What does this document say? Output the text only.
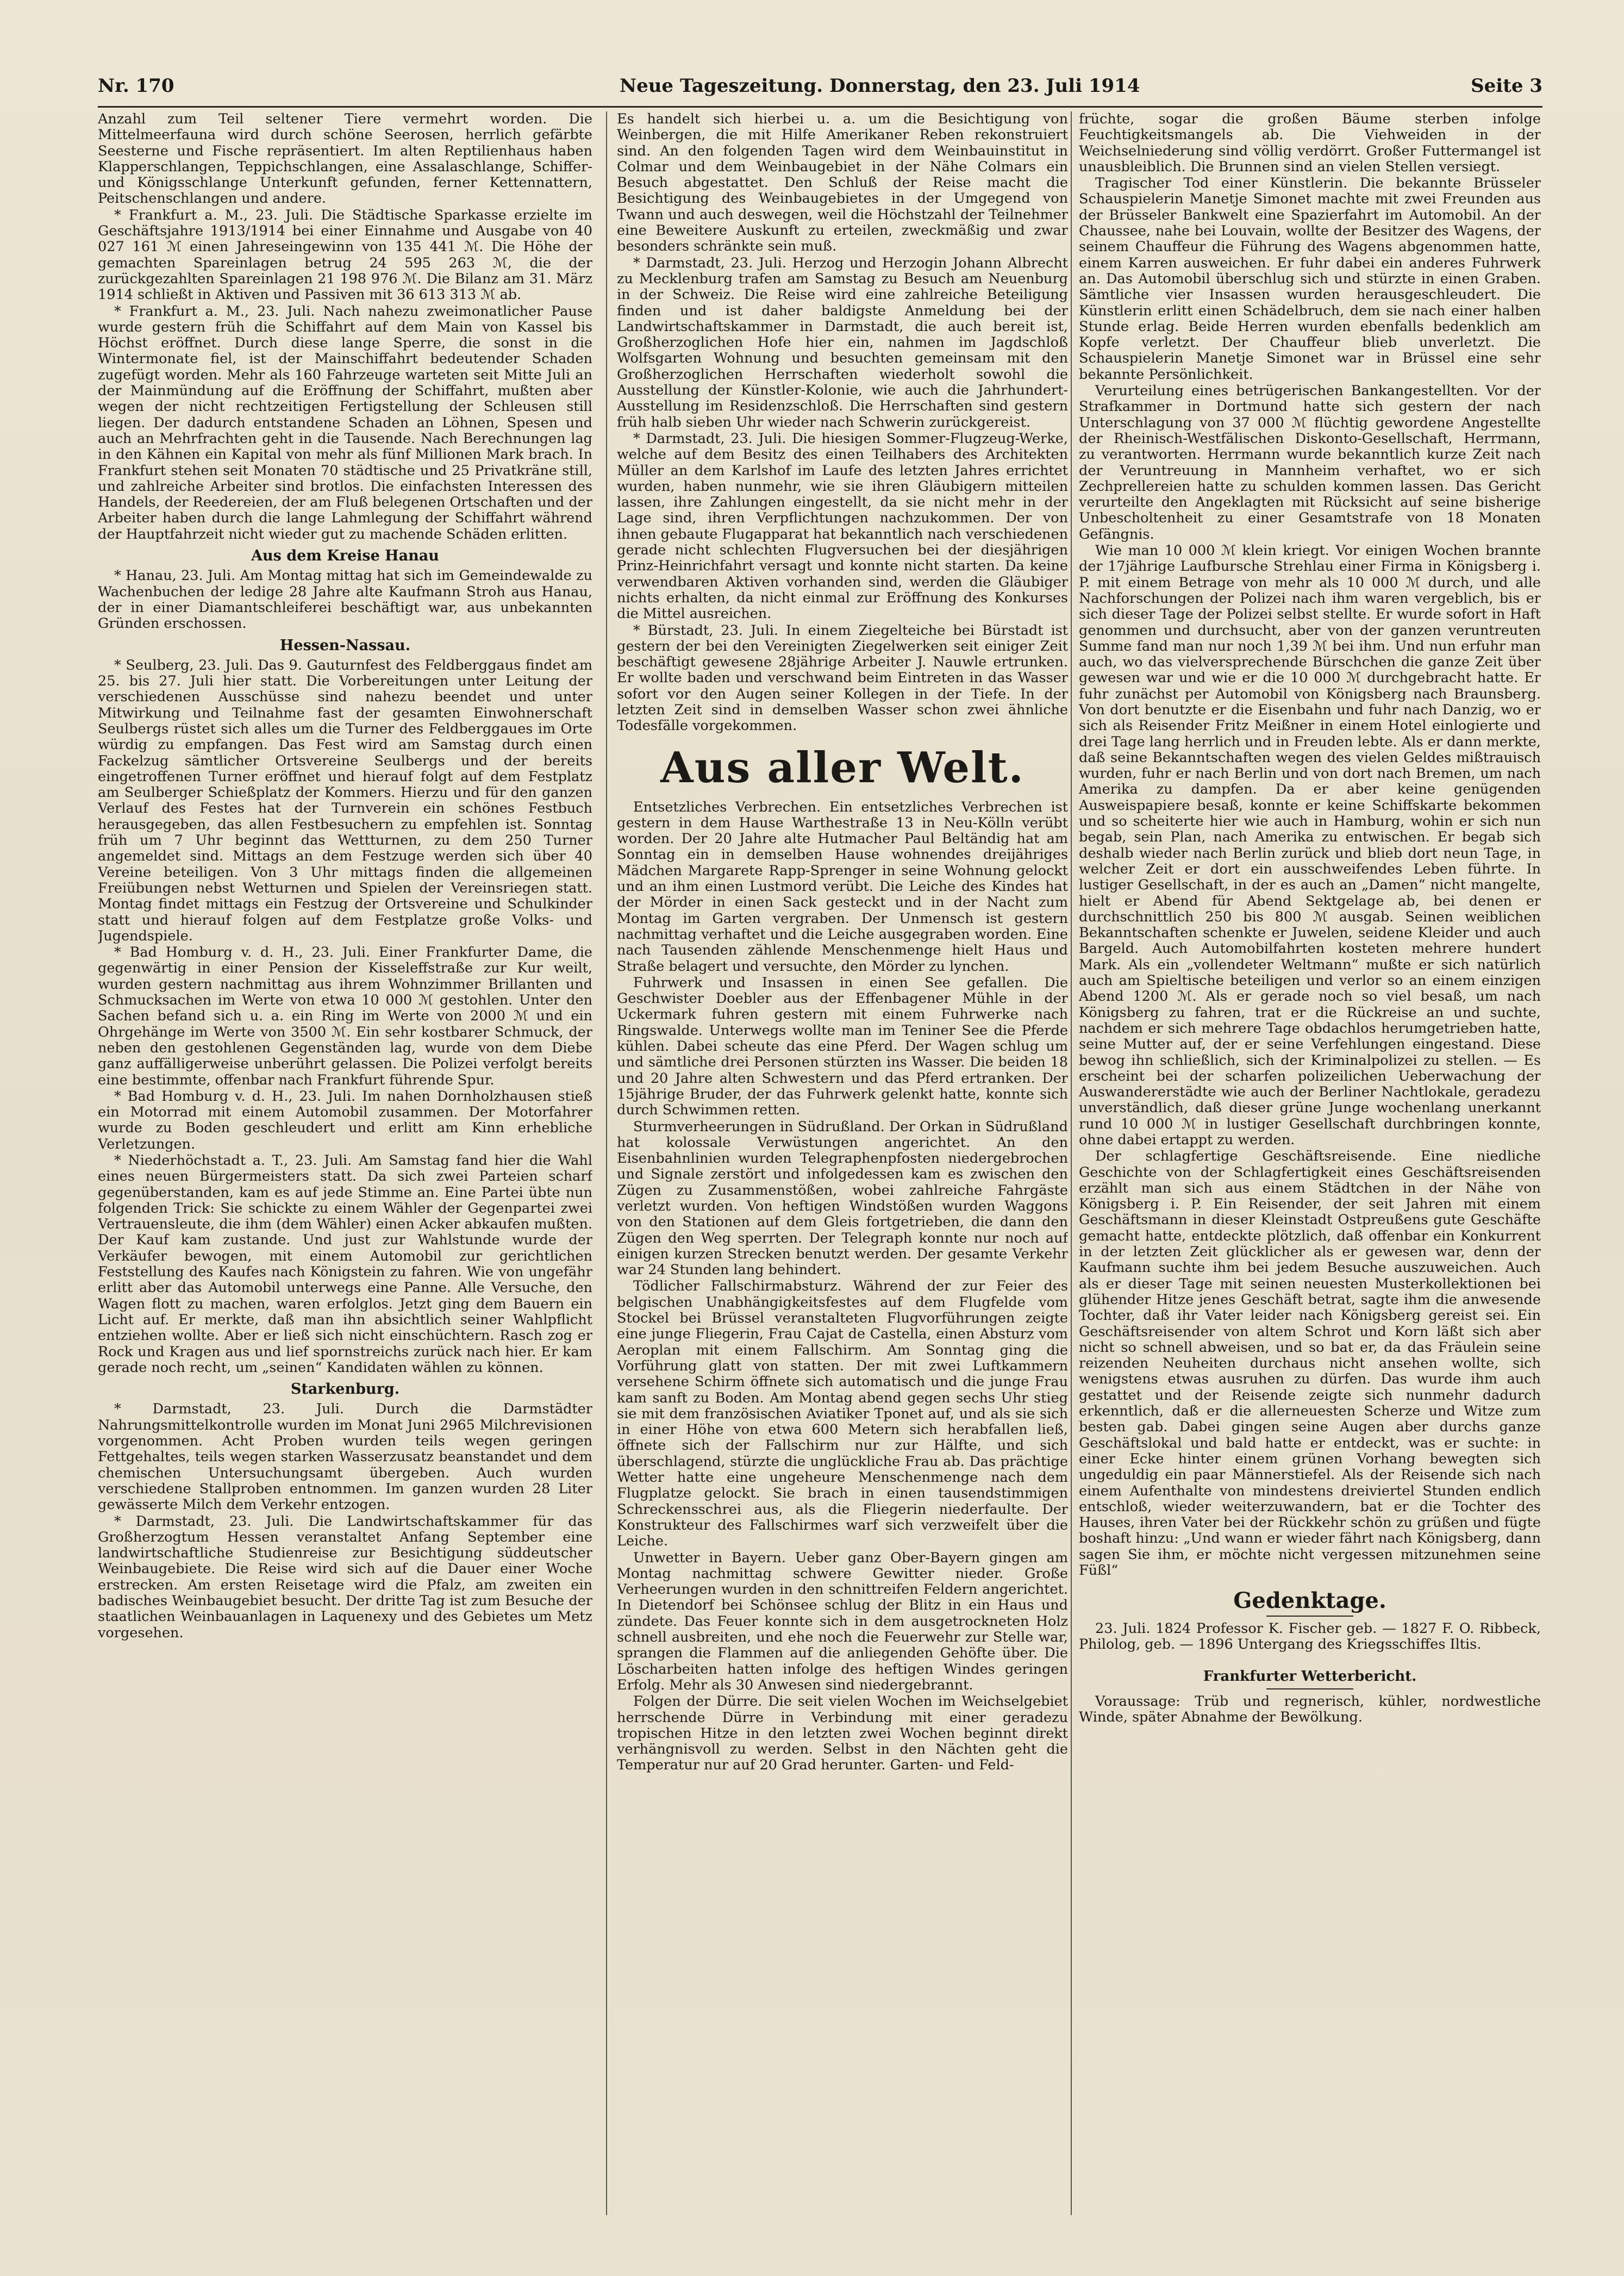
Nr. 170	Neue Tageszeitung. Donnerstag, den 23. Juli 1914	Seite 3

Anzahl zum Teil seltener Tiere vermehrt worden. Die Mittelmeerfauna wird durch schöne Seerosen, herrlich gefärbte Seesterne und Fische repräsentiert. Im alten Reptilienhaus haben Klapperschlangen, Teppichschlangen, eine Assalaschlange, Schiffer- und Königsschlange Unterkunft gefunden, ferner Kettennattern, Peitschenschlangen und andere.

* Frankfurt a. M., 23. Juli. Die Städtische Sparkasse erzielte im Geschäftsjahre 1913/1914 bei einer Einnahme und Ausgabe von 40 027 161 ℳ einen Jahreseingewinn von 135 441 ℳ. Die Höhe der gemachten Spareinlagen betrug 24 595 263 ℳ, die der zurückgezahlten Spareinlagen 21 198 976 ℳ. Die Bilanz am 31. März 1914 schließt in Aktiven und Passiven mit 36 613 313 ℳ ab.

* Frankfurt a. M., 23. Juli. Nach nahezu zweimonatlicher Pause wurde gestern früh die Schiffahrt auf dem Main von Kassel bis Höchst eröffnet. Durch diese lange Sperre, die sonst in die Wintermonate fiel, ist der Mainschiffahrt bedeutender Schaden zugefügt worden. Mehr als 160 Fahrzeuge warteten seit Mitte Juli an der Mainmündung auf die Eröffnung der Schiffahrt, mußten aber wegen der nicht rechtzeitigen Fertigstellung der Schleusen still liegen. Der dadurch entstandene Schaden an Löhnen, Spesen und auch an Mehrfrachten geht in die Tausende. Nach Berechnungen lag in den Kähnen ein Kapital von mehr als fünf Millionen Mark brach. In Frankfurt stehen seit Monaten 70 städtische und 25 Privatkräne still, und zahlreiche Arbeiter sind brotlos. Die einfachsten Interessen des Handels, der Reedereien, der am Fluß belegenen Ortschaften und der Arbeiter haben durch die lange Lahmlegung der Schiffahrt während der Hauptfahrzeit nicht wieder gut zu machende Schäden erlitten.

Aus dem Kreise Hanau

* Hanau, 23. Juli. Am Montag mittag hat sich im Gemeindewalde zu Wachenbuchen der ledige 28 Jahre alte Kaufmann Stroh aus Hanau, der in einer Diamantschleiferei beschäftigt war, aus unbekannten Gründen erschossen.

Hessen-Nassau.

* Seulberg, 23. Juli. Das 9. Gauturnfest des Feldberggaus findet am 25. bis 27. Juli hier statt. Die Vorbereitungen unter Leitung der verschiedenen Ausschüsse sind nahezu beendet und unter Mitwirkung und Teilnahme fast der gesamten Einwohnerschaft Seulbergs rüstet sich alles um die Turner des Feldberggaues im Orte würdig zu empfangen. Das Fest wird am Samstag durch einen Fackelzug sämtlicher Ortsvereine Seulbergs und der bereits eingetroffenen Turner eröffnet und hierauf folgt auf dem Festplatz am Seulberger Schießplatz der Kommers. Hierzu und für den ganzen Verlauf des Festes hat der Turnverein ein schönes Festbuch herausgegeben, das allen Festbesuchern zu empfehlen ist. Sonntag früh um 7 Uhr beginnt das Wettturnen, zu dem 250 Turner angemeldet sind. Mittags an dem Festzuge werden sich über 40 Vereine beteiligen. Von 3 Uhr mittags finden die allgemeinen Freiübungen nebst Wetturnen und Spielen der Vereinsriegen statt. Montag findet mittags ein Festzug der Ortsvereine und Schulkinder statt und hierauf folgen auf dem Festplatze große Volks- und Jugendspiele.

* Bad Homburg v. d. H., 23. Juli. Einer Frankfurter Dame, die gegenwärtig in einer Pension der Kisseleffstraße zur Kur weilt, wurden gestern nachmittag aus ihrem Wohnzimmer Brillanten und Schmucksachen im Werte von etwa 10 000 ℳ gestohlen. Unter den Sachen befand sich u. a. ein Ring im Werte von 2000 ℳ und ein Ohrgehänge im Werte von 3500 ℳ. Ein sehr kostbarer Schmuck, der neben den gestohlenen Gegenständen lag, wurde von dem Diebe ganz auffälligerweise unberührt gelassen. Die Polizei verfolgt bereits eine bestimmte, offenbar nach Frankfurt führende Spur.

* Bad Homburg v. d. H., 23. Juli. Im nahen Dornholzhausen stieß ein Motorrad mit einem Automobil zusammen. Der Motorfahrer wurde zu Boden geschleudert und erlitt am Kinn erhebliche Verletzungen.

* Niederhöchstadt a. T., 23. Juli. Am Samstag fand hier die Wahl eines neuen Bürgermeisters statt. Da sich zwei Parteien scharf gegenüberstanden, kam es auf jede Stimme an. Eine Partei übte nun folgenden Trick: Sie schickte zu einem Wähler der Gegenpartei zwei Vertrauensleute, die ihm (dem Wähler) einen Acker abkaufen mußten. Der Kauf kam zustande. Und just zur Wahlstunde wurde der Verkäufer bewogen, mit einem Automobil zur gerichtlichen Feststellung des Kaufes nach Königstein zu fahren. Wie von ungefähr erlitt aber das Automobil unterwegs eine Panne. Alle Versuche, den Wagen flott zu machen, waren erfolglos. Jetzt ging dem Bauern ein Licht auf. Er merkte, daß man ihn absichtlich seiner Wahlpflicht entziehen wollte. Aber er ließ sich nicht einschüchtern. Rasch zog er Rock und Kragen aus und lief spornstreichs zurück nach hier. Er kam gerade noch recht, um „seinen“ Kandidaten wählen zu können.

Starkenburg.

* Darmstadt, 23. Juli. Durch die Darmstädter Nahrungsmittelkontrolle wurden im Monat Juni 2965 Milchrevisionen vorgenommen. Acht Proben wurden teils wegen geringen Fettgehaltes, teils wegen starken Wasserzusatz beanstandet und dem chemischen Untersuchungsamt übergeben. Auch wurden verschiedene Stallproben entnommen. Im ganzen wurden 28 Liter gewässerte Milch dem Verkehr entzogen.

* Darmstadt, 23. Juli. Die Landwirtschaftskammer für das Großherzogtum Hessen veranstaltet Anfang September eine landwirtschaftliche Studienreise zur Besichtigung süddeutscher Weinbaugebiete. Die Reise wird sich auf die Dauer einer Woche erstrecken. Am ersten Reisetage wird die Pfalz, am zweiten ein badisches Weinbaugebiet besucht. Der dritte Tag ist zum Besuche der staatlichen Weinbauanlagen in Laquenexy und des Gebietes um Metz vorgesehen.

Es handelt sich hierbei u. a. um die Besichtigung von Weinbergen, die mit Hilfe Amerikaner Reben rekonstruiert sind. An den folgenden Tagen wird dem Weinbauinstitut in Colmar und dem Weinbaugebiet in der Nähe Colmars ein Besuch abgestattet. Den Schluß der Reise macht die Besichtigung des Weinbaugebietes in der Umgegend von Twann und auch deswegen, weil die Höchstzahl der Teilnehmer eine Beweitere Auskunft zu erteilen, zweckmäßig und zwar besonders schränkte sein muß.

* Darmstadt, 23. Juli. Herzog und Herzogin Johann Albrecht zu Mecklenburg trafen am Samstag zu Besuch am Neuenburg in der Schweiz. Die Reise wird eine zahlreiche Beteiligung finden und ist daher baldigste Anmeldung bei der Landwirtschaftskammer in Darmstadt, die auch bereit ist, Großherzoglichen Hofe hier ein, nahmen im Jagdschloß Wolfsgarten Wohnung und besuchten gemeinsam mit den Großherzoglichen Herrschaften wiederholt sowohl die Ausstellung der Künstler-Kolonie, wie auch die Jahrhundert-Ausstellung im Residenzschloß. Die Herrschaften sind gestern früh halb sieben Uhr wieder nach Schwerin zurückgereist.

* Darmstadt, 23. Juli. Die hiesigen Sommer-Flugzeug-Werke, welche auf dem Besitz des einen Teilhabers des Architekten Müller an dem Karlshof im Laufe des letzten Jahres errichtet wurden, haben nunmehr, wie sie ihren Gläubigern mitteilen lassen, ihre Zahlungen eingestellt, da sie nicht mehr in der Lage sind, ihren Verpflichtungen nachzukommen. Der von ihnen gebaute Flugapparat hat bekanntlich nach verschiedenen gerade nicht schlechten Flugversuchen bei der diesjährigen Prinz-Heinrichfahrt versagt und konnte nicht starten. Da keine verwendbaren Aktiven vorhanden sind, werden die Gläubiger nichts erhalten, da nicht einmal zur Eröffnung des Konkurses die Mittel ausreichen.

* Bürstadt, 23. Juli. In einem Ziegelteiche bei Bürstadt ist gestern der bei den Vereinigten Ziegelwerken seit einiger Zeit beschäftigt gewesene 28jährige Arbeiter J. Nauwle ertrunken. Er wollte baden und verschwand beim Eintreten in das Wasser sofort vor den Augen seiner Kollegen in der Tiefe. In der letzten Zeit sind in demselben Wasser schon zwei ähnliche Todesfälle vorgekommen.

Aus aller Welt.

Entsetzliches Verbrechen. Ein entsetzliches Verbrechen ist gestern in dem Hause Warthestraße 13 in Neu-Kölln verübt worden. Der 20 Jahre alte Hutmacher Paul Beltändig hat am Sonntag ein in demselben Hause wohnendes dreijähriges Mädchen Margarete Rapp-Sprenger in seine Wohnung gelockt und an ihm einen Lustmord verübt. Die Leiche des Kindes hat der Mörder in einen Sack gesteckt und in der Nacht zum Montag im Garten vergraben. Der Unmensch ist gestern nachmittag verhaftet und die Leiche ausgegraben worden. Eine nach Tausenden zählende Menschenmenge hielt Haus und Straße belagert und versuchte, den Mörder zu lynchen.

Fuhrwerk und Insassen in einen See gefallen. Die Geschwister Doebler aus der Effenbagener Mühle in der Uckermark fuhren gestern mit einem Fuhrwerke nach Ringswalde. Unterwegs wollte man im Teniner See die Pferde kühlen. Dabei scheute das eine Pferd. Der Wagen schlug um und sämtliche drei Personen stürzten ins Wasser. Die beiden 18 und 20 Jahre alten Schwestern und das Pferd ertranken. Der 15jährige Bruder, der das Fuhrwerk gelenkt hatte, konnte sich durch Schwimmen retten.

Sturmverheerungen in Südrußland. Der Orkan in Südrußland hat kolossale Verwüstungen angerichtet. An den Eisenbahnlinien wurden Telegraphenpfosten niedergebrochen und Signale zerstört und infolgedessen kam es zwischen den Zügen zu Zusammenstößen, wobei zahlreiche Fahrgäste verletzt wurden. Von heftigen Windstößen wurden Waggons von den Stationen auf dem Gleis fortgetrieben, die dann den Zügen den Weg sperrten. Der Telegraph konnte nur noch auf einigen kurzen Strecken benutzt werden. Der gesamte Verkehr war 24 Stunden lang behindert.

Tödlicher Fallschirmabsturz. Während der zur Feier des belgischen Unabhängigkeitsfestes auf dem Flugfelde vom Stockel bei Brüssel veranstalteten Flugvorführungen zeigte eine junge Fliegerin, Frau Cajat de Castella, einen Absturz vom Aeroplan mit einem Fallschirm. Am Sonntag ging die Vorführung glatt von statten. Der mit zwei Luftkammern versehene Schirm öffnete sich automatisch und die junge Frau kam sanft zu Boden. Am Montag abend gegen sechs Uhr stieg sie mit dem französischen Aviatiker Tponet auf, und als sie sich in einer Höhe von etwa 600 Metern sich herabfallen ließ, öffnete sich der Fallschirm nur zur Hälfte, und sich überschlagend, stürzte die unglückliche Frau ab. Das prächtige Wetter hatte eine ungeheure Menschenmenge nach dem Flugplatze gelockt. Sie brach in einen tausendstimmigen Schreckensschrei aus, als die Fliegerin niederfaulte. Der Konstrukteur des Fallschirmes warf sich verzweifelt über die Leiche.

Unwetter in Bayern. Ueber ganz Ober-Bayern gingen am Montag nachmittag schwere Gewitter nieder. Große Verheerungen wurden in den schnittreifen Feldern angerichtet. In Dietendorf bei Schönsee schlug der Blitz in ein Haus und zündete. Das Feuer konnte sich in dem ausgetrockneten Holz schnell ausbreiten, und ehe noch die Feuerwehr zur Stelle war, sprangen die Flammen auf die anliegenden Gehöfte über. Die Löscharbeiten hatten infolge des heftigen Windes geringen Erfolg. Mehr als 30 Anwesen sind niedergebrannt.

Folgen der Dürre. Die seit vielen Wochen im Weichselgebiet herrschende Dürre in Verbindung mit einer geradezu tropischen Hitze in den letzten zwei Wochen beginnt direkt verhängnisvoll zu werden. Selbst in den Nächten geht die Temperatur nur auf 20 Grad herunter. Garten- und Feld-

früchte, sogar die großen Bäume sterben infolge Feuchtigkeitsmangels ab. Die Viehweiden in der Weichselniederung sind völlig verdörrt. Großer Futtermangel ist unausbleiblich. Die Brunnen sind an vielen Stellen versiegt.

Tragischer Tod einer Künstlerin. Die bekannte Brüsseler Schauspielerin Manetje Simonet machte mit zwei Freunden aus der Brüsseler Bankwelt eine Spazierfahrt im Automobil. An der Chaussee, nahe bei Louvain, wollte der Besitzer des Wagens, der seinem Chauffeur die Führung des Wagens abgenommen hatte, einem Karren ausweichen. Er fuhr dabei ein anderes Fuhrwerk an. Das Automobil überschlug sich und stürzte in einen Graben. Sämtliche vier Insassen wurden herausgeschleudert. Die Künstlerin erlitt einen Schädelbruch, dem sie nach einer halben Stunde erlag. Beide Herren wurden ebenfalls bedenklich am Kopfe verletzt. Der Chauffeur blieb unverletzt. Die Schauspielerin Manetje Simonet war in Brüssel eine sehr bekannte Persönlichkeit.

Verurteilung eines betrügerischen Bankangestellten. Vor der Strafkammer in Dortmund hatte sich gestern der nach Unterschlagung von 37 000 ℳ flüchtig gewordene Angestellte der Rheinisch-Westfälischen Diskonto-Gesellschaft, Herrmann, zu verantworten. Herrmann wurde bekanntlich kurze Zeit nach der Veruntreuung in Mannheim verhaftet, wo er sich Zechprellereien hatte zu schulden kommen lassen. Das Gericht verurteilte den Angeklagten mit Rücksicht auf seine bisherige Unbescholtenheit zu einer Gesamtstrafe von 18 Monaten Gefängnis.

Wie man 10 000 ℳ klein kriegt. Vor einigen Wochen brannte der 17jährige Laufbursche Strehlau einer Firma in Königsberg i. P. mit einem Betrage von mehr als 10 000 ℳ durch, und alle Nachforschungen der Polizei nach ihm waren vergeblich, bis er sich dieser Tage der Polizei selbst stellte. Er wurde sofort in Haft genommen und durchsucht, aber von der ganzen veruntreuten Summe fand man nur noch 1,39 ℳ bei ihm. Und nun erfuhr man auch, wo das vielversprechende Bürschchen die ganze Zeit über gewesen war und wie er die 10 000 ℳ durchgebracht hatte. Er fuhr zunächst per Automobil von Königsberg nach Braunsberg. Von dort benutzte er die Eisenbahn und fuhr nach Danzig, wo er sich als Reisender Fritz Meißner in einem Hotel einlogierte und drei Tage lang herrlich und in Freuden lebte. Als er dann merkte, daß seine Bekanntschaften wegen des vielen Geldes mißtrauisch wurden, fuhr er nach Berlin und von dort nach Bremen, um nach Amerika zu dampfen. Da er aber keine genügenden Ausweispapiere besaß, konnte er keine Schiffskarte bekommen und so scheiterte hier wie auch in Hamburg, wohin er sich nun begab, sein Plan, nach Amerika zu entwischen. Er begab sich deshalb wieder nach Berlin zurück und blieb dort neun Tage, in welcher Zeit er dort ein ausschweifendes Leben führte. In lustiger Gesellschaft, in der es auch an „Damen“ nicht mangelte, hielt er Abend für Abend Sektgelage ab, bei denen er durchschnittlich 250 bis 800 ℳ ausgab. Seinen weiblichen Bekanntschaften schenkte er Juwelen, seidene Kleider und auch Bargeld. Auch Automobilfahrten kosteten mehrere hundert Mark. Als ein „vollendeter Weltmann“ mußte er sich natürlich auch am Spieltische beteiligen und verlor so an einem einzigen Abend 1200 ℳ. Als er gerade noch so viel besaß, um nach Königsberg zu fahren, trat er die Rückreise an und suchte, nachdem er sich mehrere Tage obdachlos herumgetrieben hatte, seine Mutter auf, der er seine Verfehlungen eingestand. Diese bewog ihn schließlich, sich der Kriminalpolizei zu stellen. — Es erscheint bei der scharfen polizeilichen Ueberwachung der Auswandererstädte wie auch der Berliner Nachtlokale, geradezu unverständlich, daß dieser grüne Junge wochenlang unerkannt rund 10 000 ℳ in lustiger Gesellschaft durchbringen konnte, ohne dabei ertappt zu werden.

Der schlagfertige Geschäftsreisende. Eine niedliche Geschichte von der Schlagfertigkeit eines Geschäftsreisenden erzählt man sich aus einem Städtchen in der Nähe von Königsberg i. P. Ein Reisender, der seit Jahren mit einem Geschäftsmann in dieser Kleinstadt Ostpreußens gute Geschäfte gemacht hatte, entdeckte plötzlich, daß offenbar ein Konkurrent in der letzten Zeit glücklicher als er gewesen war, denn der Kaufmann suchte ihm bei jedem Besuche auszuweichen. Auch als er dieser Tage mit seinen neuesten Musterkollektionen bei glühender Hitze jenes Geschäft betrat, sagte ihm die anwesende Tochter, daß ihr Vater leider nach Königsberg gereist sei. Ein Geschäftsreisender von altem Schrot und Korn läßt sich aber nicht so schnell abweisen, und so bat er, da das Fräulein seine reizenden Neuheiten durchaus nicht ansehen wollte, sich wenigstens etwas ausruhen zu dürfen. Das wurde ihm auch gestattet und der Reisende zeigte sich nunmehr dadurch erkenntlich, daß er die allerneuesten Scherze und Witze zum besten gab. Dabei gingen seine Augen aber durchs ganze Geschäftslokal und bald hatte er entdeckt, was er suchte: in einer Ecke hinter einem grünen Vorhang bewegten sich ungeduldig ein paar Männerstiefel. Als der Reisende sich nach einem Aufenthalte von mindestens dreiviertel Stunden endlich entschloß, wieder weiterzuwandern, bat er die Tochter des Hauses, ihren Vater bei der Rückkehr schön zu grüßen und fügte boshaft hinzu: „Und wann er wieder fährt nach Königsberg, dann sagen Sie ihm, er möchte nicht vergessen mitzunehmen seine Füßl“

Gedenktage.

23. Juli. 1824 Professor K. Fischer geb. — 1827 F. O. Ribbeck, Philolog, geb. — 1896 Untergang des Kriegsschiffes Iltis.

Frankfurter Wetterbericht.

Voraussage: Trüb und regnerisch, kühler, nordwestliche Winde, später Abnahme der Bewölkung.
